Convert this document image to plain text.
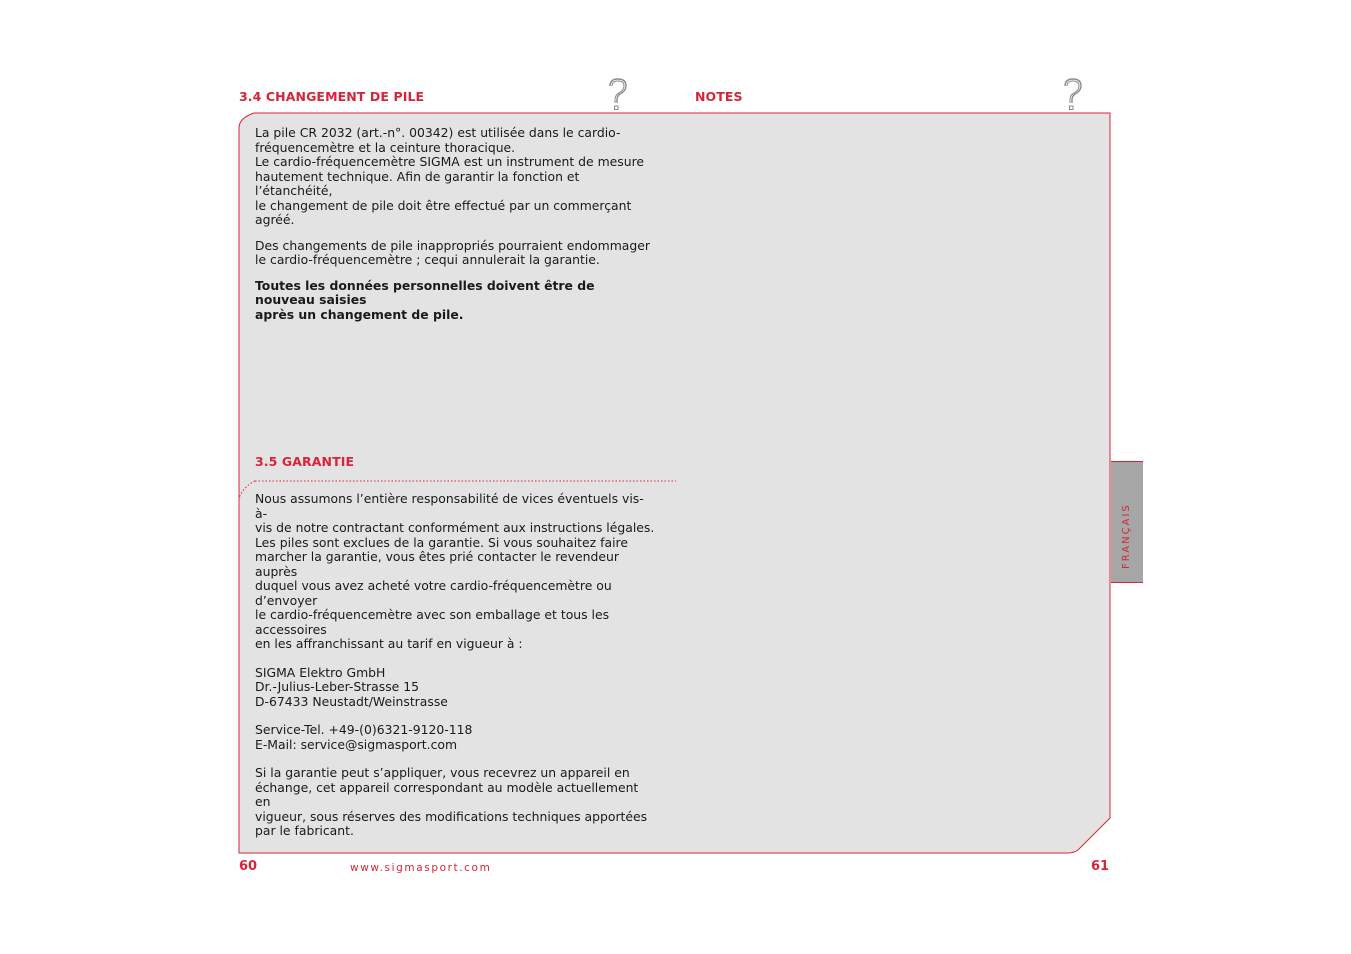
3.4 CHANGEMENT DE PILE	NOTES

La pile CR 2032 (art.-n°. 00342) est utilisée dans le cardio-
fréquencemètre et la ceinture thoracique.
Le cardio-fréquencemètre SIGMA est un instrument de mesure
hautement technique. Afin de garantir la fonction et l’étanchéité,
le changement de pile doit être effectué par un commerçant
agréé.

Des changements de pile inappropriés pourraient endommager
le cardio-fréquencemètre ; cequi annulerait la garantie.

Toutes les données personnelles doivent être de nouveau saisies
après un changement de pile.

3.5 GARANTIE

Nous assumons l’entière responsabilité de vices éventuels vis-à-
vis de notre contractant conformément aux instructions légales.
Les piles sont exclues de la garantie. Si vous souhaitez faire
marcher la garantie, vous êtes prié contacter le revendeur auprès
duquel vous avez acheté votre cardio-fréquencemètre ou d’envoyer
le cardio-fréquencemètre avec son emballage et tous les accessoires
en les affranchissant au tarif en vigueur à :

SIGMA Elektro GmbH
Dr.-Julius-Leber-Strasse 15
D-67433 Neustadt/Weinstrasse

Service-Tel. +49-(0)6321-9120-118
E-Mail: service@sigmasport.com

Si la garantie peut s’appliquer, vous recevrez un appareil en
échange, cet appareil correspondant au modèle actuellement en
vigueur, sous réserves des modifications techniques apportées
par le fabricant.

FRANÇAIS
60	www.sigmasport.com	61
